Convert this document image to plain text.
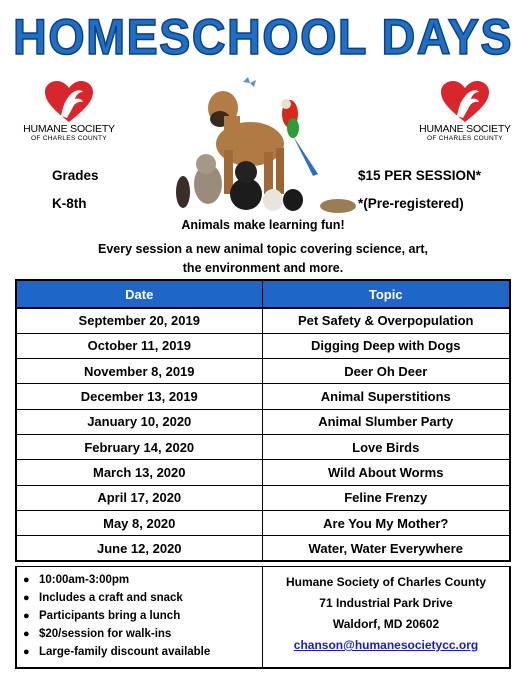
HOMESCHOOL DAYS
HUMANE SOCIETY
OF CHARLES COUNTY
HUMANE SOCIETY
OF CHARLES COUNTY
Grades
K-8th
$15 PER SESSION*
*(Pre-registered)
Animals make learning fun!
Every session a new animal topic covering science, art,
the environment and more.
Date	Topic
September 20, 2019	Pet Safety & Overpopulation
October 11, 2019	Digging Deep with Dogs
November 8, 2019	Deer Oh Deer
December 13, 2019	Animal Superstitions
January 10, 2020	Animal Slumber Party
February 14, 2020	Love Birds
March 13, 2020	Wild About Worms
April 17, 2020	Feline Frenzy
May 8, 2020	Are You My Mother?
June 12, 2020	Water, Water Everywhere
● 10:00am-3:00pm
● Includes a craft and snack
● Participants bring a lunch
● $20/session for walk-ins
● Large-family discount available
Humane Society of Charles County
71 Industrial Park Drive
Waldorf, MD 20602
chanson@humanesocietycc.org
